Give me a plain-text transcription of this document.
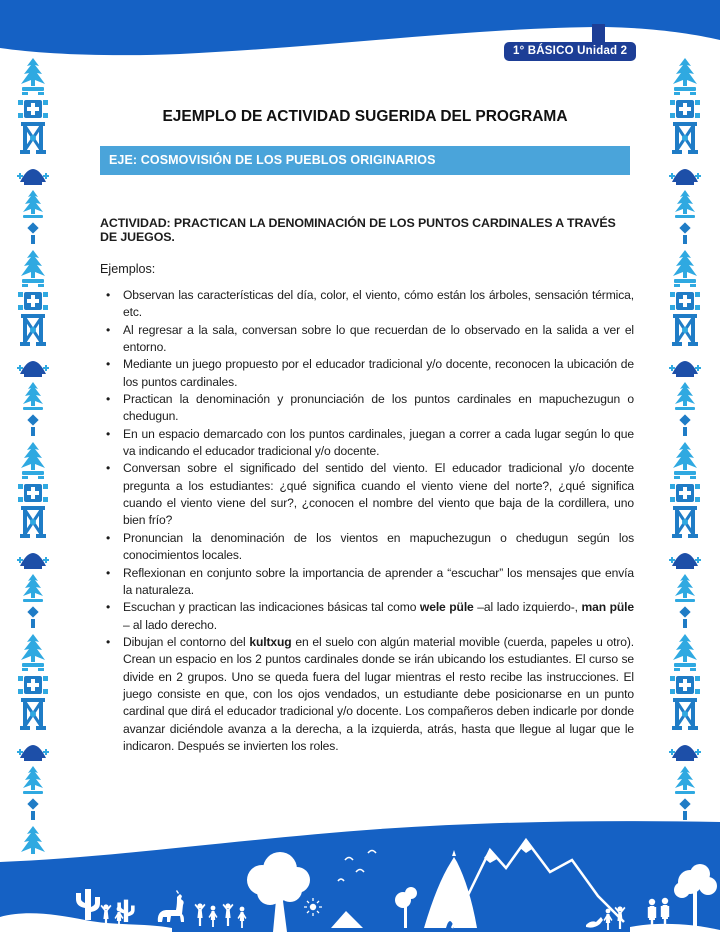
1° BÁSICO Unidad 2
EJEMPLO DE ACTIVIDAD SUGERIDA DEL PROGRAMA
EJE: COSMOVISIÓN DE LOS PUEBLOS ORIGINARIOS
ACTIVIDAD: PRACTICAN LA DENOMINACIÓN DE LOS PUNTOS CARDINALES A TRAVÉS DE JUEGOS.
Ejemplos:
• Observan las características del día, color, el viento, cómo están los árboles, sensación térmica, etc.
• Al regresar a la sala, conversan sobre lo que recuerdan de lo observado en la salida a ver el entorno.
• Mediante un juego propuesto por el educador tradicional y/o docente, reconocen la ubicación de los puntos cardinales.
• Practican la denominación y pronunciación de los puntos cardinales en mapuchezugun o chedugun.
• En un espacio demarcado con los puntos cardinales, juegan a correr a cada lugar según lo que va indicando el educador tradicional y/o docente.
• Conversan sobre el significado del sentido del viento. El educador tradicional y/o docente pregunta a los estudiantes: ¿qué significa cuando el viento viene del norte?, ¿qué significa cuando el viento viene del sur?, ¿conocen el nombre del viento que baja de la cordillera, uno bien frío?
• Pronuncian la denominación de los vientos en mapuchezugun o chedugun según los conocimientos locales.
• Reflexionan en conjunto sobre la importancia de aprender a “escuchar” los mensajes que envía la naturaleza.
• Escuchan y practican las indicaciones básicas tal como wele püle –al lado izquierdo-, man püle – al lado derecho.
• Dibujan el contorno del kultxug en el suelo con algún material movible (cuerda, papeles u otro). Crean un espacio en los 2 puntos cardinales donde se irán ubicando los estudiantes. El curso se divide en 2 grupos. Uno se queda fuera del lugar mientras el resto recibe las instrucciones. El juego consiste en que, con los ojos vendados, un estudiante debe posicionarse en un punto cardinal que dirá el educador tradicional y/o docente. Los compañeros deben indicarle por donde avanzar diciéndole avanza a la derecha, a la izquierda, atrás, hasta que llegue al lugar que le indicaron. Después se invierten los roles.
